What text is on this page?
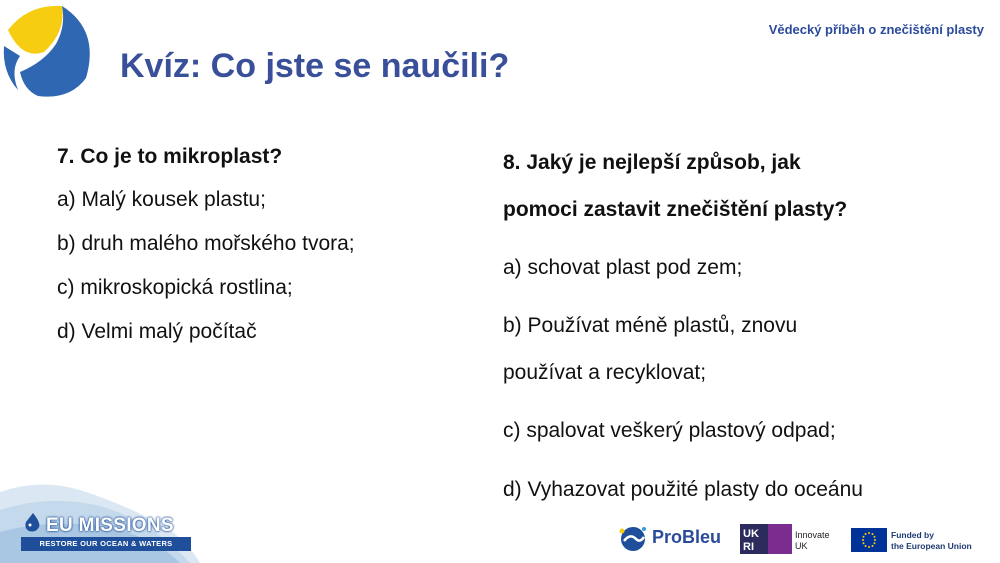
Vědecký příběh o znečištění plasty
Kvíz: Co jste se naučili?
7. Co je to mikroplast?
a) Malý kousek plastu;
b) druh malého mořského tvora;
c) mikroskopická rostlina;
d) Velmi malý počítač
8. Jaký je nejlepší způsob, jak
pomoci zastavit znečištění plasty?
a) schovat plast pod zem;
b) Používat méně plastů, znovu
používat a recyklovat;
c) spalovat veškerý plastový odpad;
d) Vyhazovat použité plasty do oceánu
EU MISSIONS
RESTORE OUR OCEAN & WATERS	ProBleu UK
RI
Innovate
UK
Funded by
the European Union
